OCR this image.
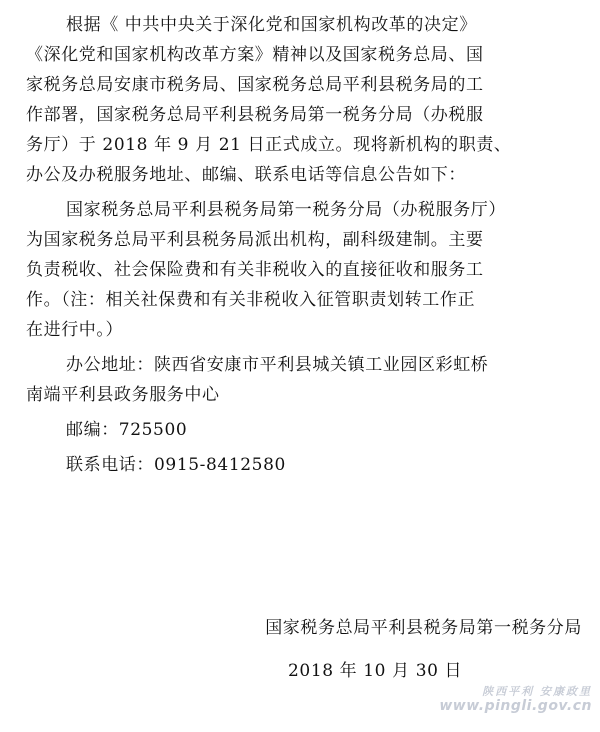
根据《 中共中央关于深化党和国家机构改革的决定》
《深化党和国家机构改革方案》精神以及国家税务总局、国
家税务总局安康市税务局、国家税务总局平利县税务局的工
作部署，国家税务总局平利县税务局第一税务分局（办税服
务厅）于 2018 年 9 月 21 日正式成立。现将新机构的职责、
办公及办税服务地址、邮编、联系电话等信息公告如下：
国家税务总局平利县税务局第一税务分局（办税服务厅）
为国家税务总局平利县税务局派出机构，副科级建制。主要
负责税收、社会保险费和有关非税收入的直接征收和服务工
作。（注：相关社保费和有关非税收入征管职责划转工作正
在进行中。）
办公地址：陕西省安康市平利县城关镇工业园区彩虹桥
南端平利县政务服务中心
邮编：725500
联系电话：0915-8412580
国家税务总局平利县税务局第一税务分局
2018 年 10 月 30 日
陕西平利 安康政里
www.pingli.gov.cn
